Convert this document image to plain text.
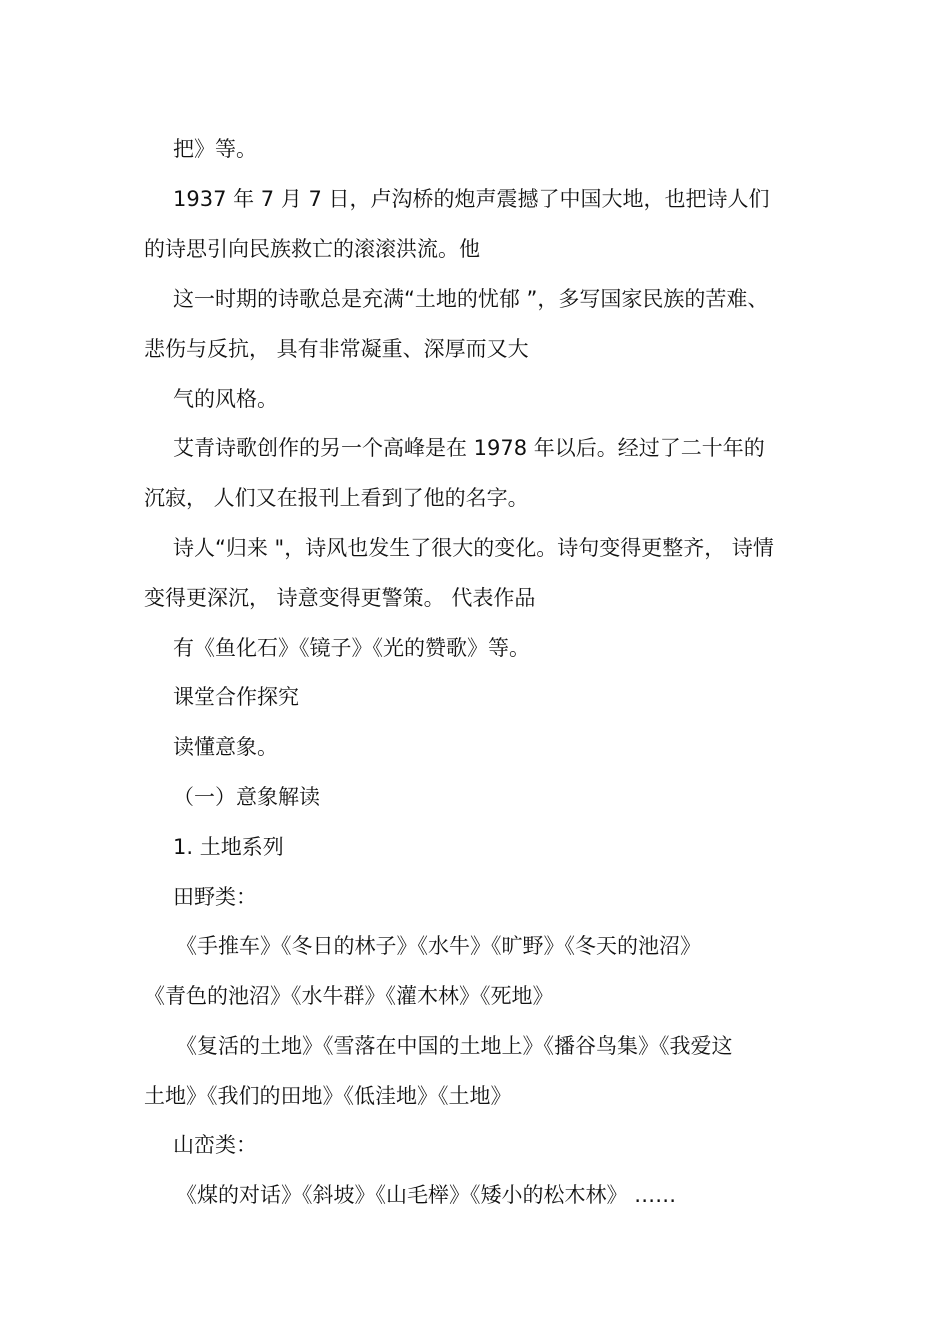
把》等。

1937 年 7 月 7 日，卢沟桥的炮声震撼了中国大地，也把诗人们

的诗思引向民族救亡的滚滚洪流。他

这一时期的诗歌总是充满“土地的忧郁 ”，多写国家民族的苦难、

悲伤与反抗， 具有非常凝重、深厚而又大

气的风格。

艾青诗歌创作的另一个高峰是在 1978 年以后。经过了二十年的

沉寂， 人们又在报刊上看到了他的名字。

诗人“归来 "，诗风也发生了很大的变化。诗句变得更整齐， 诗情

变得更深沉， 诗意变得更警策。 代表作品

有《鱼化石》《镜子》《光的赞歌》等。

课堂合作探究

读懂意象。

（一）意象解读

1. 土地系列

田野类：

《手推车》《冬日的林子》《水牛》《旷野》《冬天的池沼》

《青色的池沼》《水牛群》《灌木林》《死地》

《复活的土地》《雪落在中国的土地上》《播谷鸟集》《我爱这

土地》《我们的田地》《低洼地》《土地》

山峦类：

《煤的对话》《斜坡》《山毛榉》《矮小的松木林》 ……
